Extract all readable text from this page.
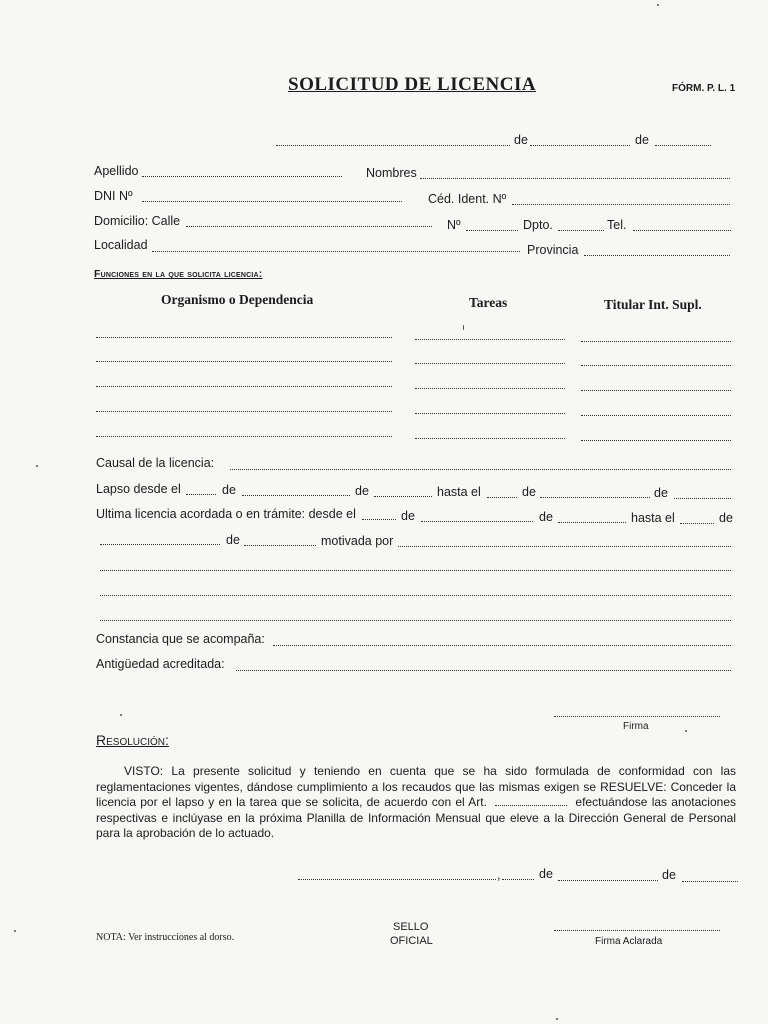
SOLICITUD DE LICENCIA	FÓRM. P. L. 1
de	de
Apellido	Nombres
DNI Nº	Céd. Ident. Nº
Domicilio: Calle	Nº	Dpto.	Tel.
Localidad	Provincia
Funciones en la que solicita licencia:
Organismo o Dependencia	Tareas	Titular Int. Supl.
Causal de la licencia:
Lapso desde el	de	de	hasta el	de	de
Ultima licencia acordada o en trámite: desde el	de	de	hasta el	de
de	motivada por
Constancia que se acompaña:
Antigüedad acreditada:
Firma
Resolución:
VISTO: La presente solicitud y teniendo en cuenta que se ha sido formulada de conformidad con las reglamentaciones vigentes, dándose cumplimiento a los recaudos que las mismas exigen se RESUELVE: Conceder la licencia por el lapso y en la tarea que se solicita, de acuerdo con el Art.	efectuándose las anotaciones respectivas e inclúyase en la próxima Planilla de Información Mensual que eleve a la Dirección General de Personal para la aprobación de lo actuado.
,	de	de
NOTA: Ver instrucciones al dorso.
SELLO
OFICIAL	Firma Aclarada
